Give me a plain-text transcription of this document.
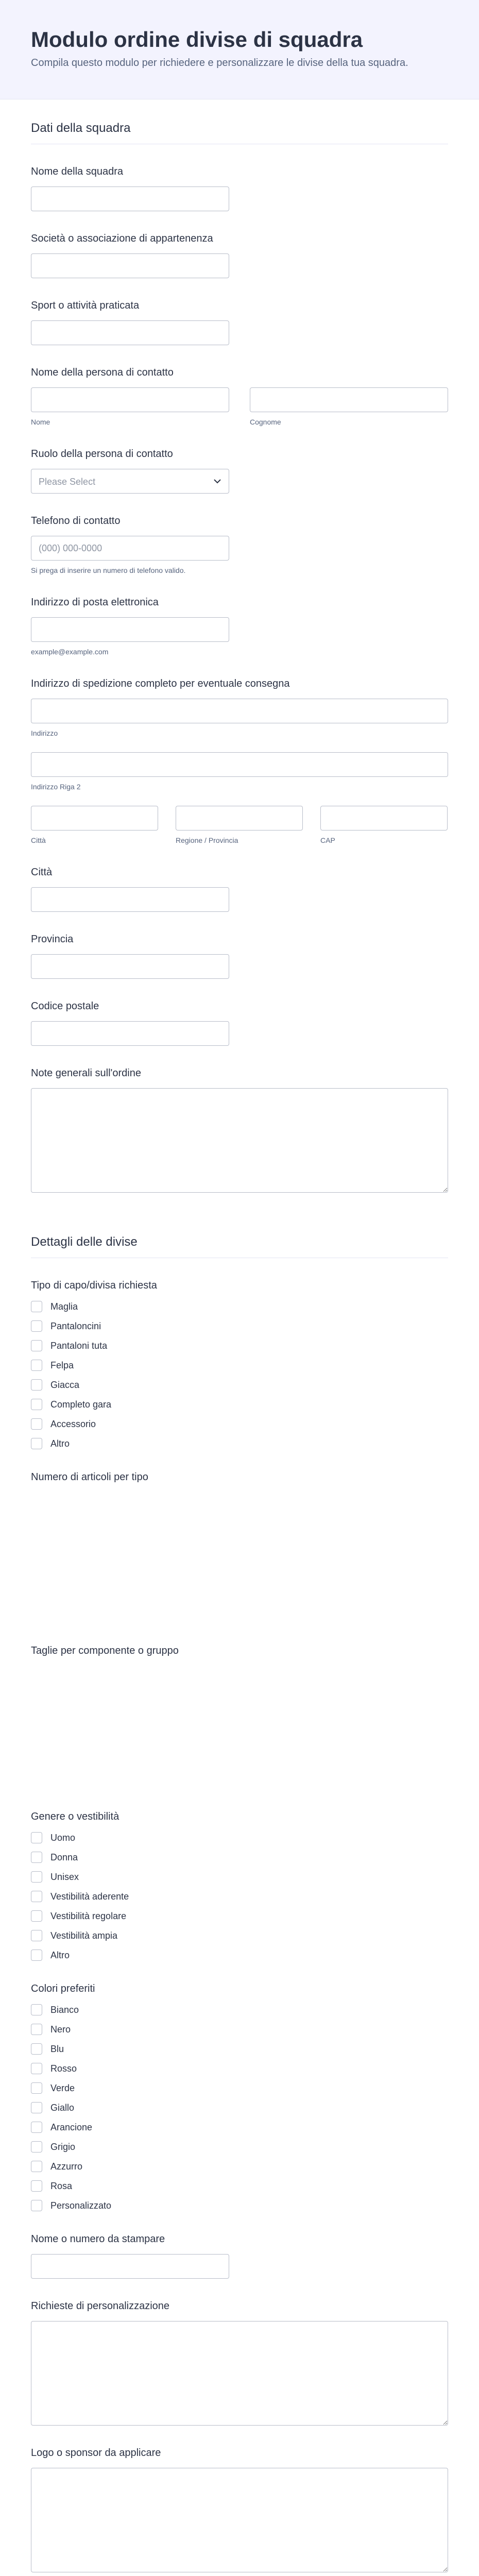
Modulo ordine divise di squadra

Compila questo modulo per richiedere e personalizzare le divise della tua squadra.

Dati della squadra
Nome della squadra
Società o associazione di appartenenza
Sport o attività praticata
Nome della persona di contatto
Nome	Cognome
Ruolo della persona di contatto
Please Select
Telefono di contatto
(000) 000-0000
Si prega di inserire un numero di telefono valido.
Indirizzo di posta elettronica
example@example.com
Indirizzo di spedizione completo per eventuale consegna
Indirizzo
Indirizzo Riga 2
Città	Regione / Provincia	CAP
Città
Provincia
Codice postale
Note generali sull'ordine
Dettagli delle divise
Tipo di capo/divisa richiesta
Maglia
Pantaloncini
Pantaloni tuta
Felpa
Giacca
Completo gara
Accessorio
Altro
Numero di articoli per tipo
Taglie per componente o gruppo
Genere o vestibilità
Uomo
Donna
Unisex
Vestibilità aderente
Vestibilità regolare
Vestibilità ampia
Altro
Colori preferiti
Bianco
Nero
Blu
Rosso
Verde
Giallo
Arancione
Grigio
Azzurro
Rosa
Personalizzato
Nome o numero da stampare
Richieste di personalizzazione
Logo o sponsor da applicare
